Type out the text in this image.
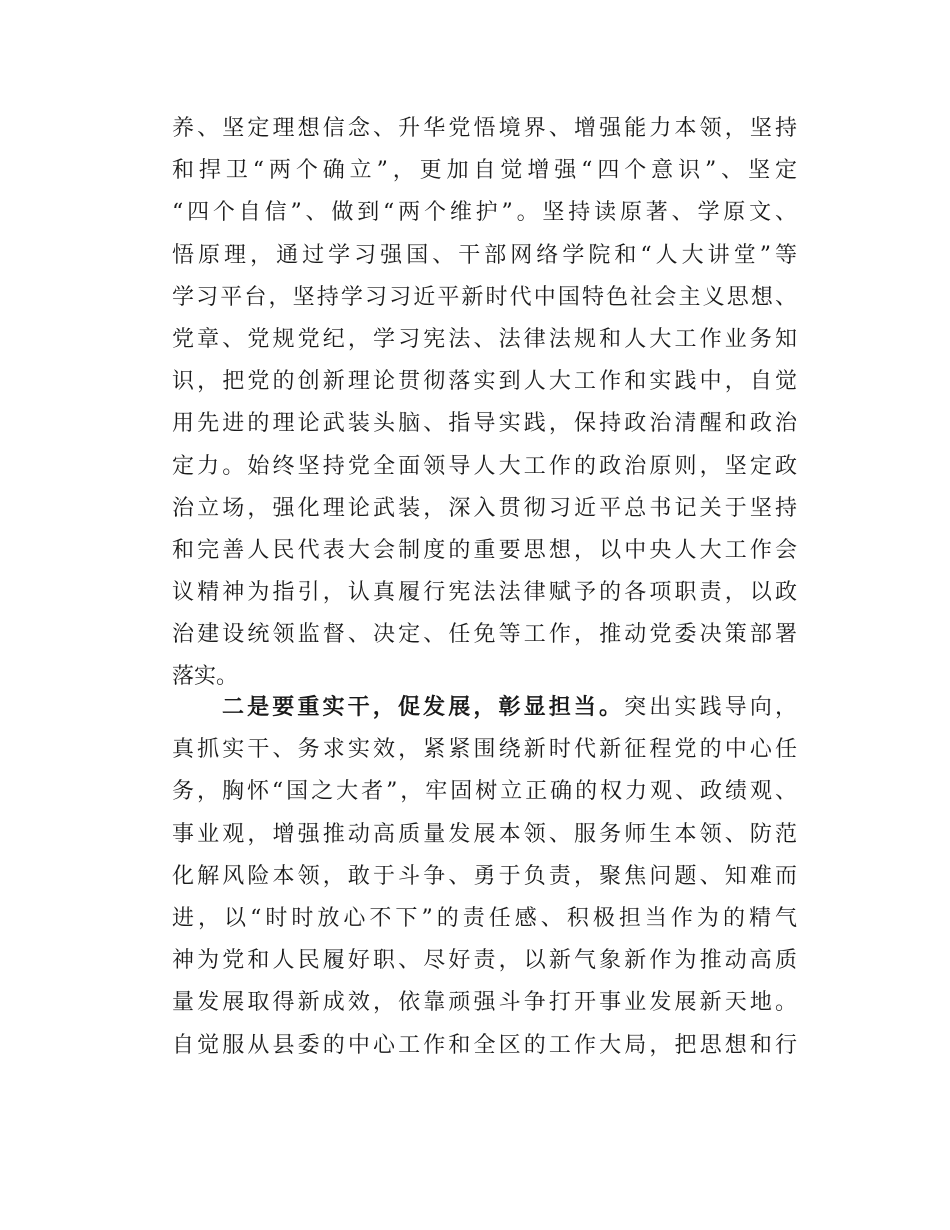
养、坚定理想信念、升华党悟境界、增强能力本领，坚持
和捍卫“两个确立”，更加自觉增强“四个意识”、坚定
“四个自信”、做到“两个维护”。坚持读原著、学原文、
悟原理，通过学习强国、干部网络学院和“人大讲堂”等
学习平台，坚持学习习近平新时代中国特色社会主义思想、
党章、党规党纪，学习宪法、法律法规和人大工作业务知
识，把党的创新理论贯彻落实到人大工作和实践中，自觉
用先进的理论武装头脑、指导实践，保持政治清醒和政治
定力。始终坚持党全面领导人大工作的政治原则，坚定政
治立场，强化理论武装，深入贯彻习近平总书记关于坚持
和完善人民代表大会制度的重要思想，以中央人大工作会
议精神为指引，认真履行宪法法律赋予的各项职责，以政
治建设统领监督、决定、任免等工作，推动党委决策部署
落实。
二是要重实干，促发展，彰显担当。突出实践导向，
真抓实干、务求实效，紧紧围绕新时代新征程党的中心任
务，胸怀“国之大者”，牢固树立正确的权力观、政绩观、
事业观，增强推动高质量发展本领、服务师生本领、防范
化解风险本领，敢于斗争、勇于负责，聚焦问题、知难而
进，以“时时放心不下”的责任感、积极担当作为的精气
神为党和人民履好职、尽好责，以新气象新作为推动高质
量发展取得新成效，依靠顽强斗争打开事业发展新天地。
自觉服从县委的中心工作和全区的工作大局，把思想和行
